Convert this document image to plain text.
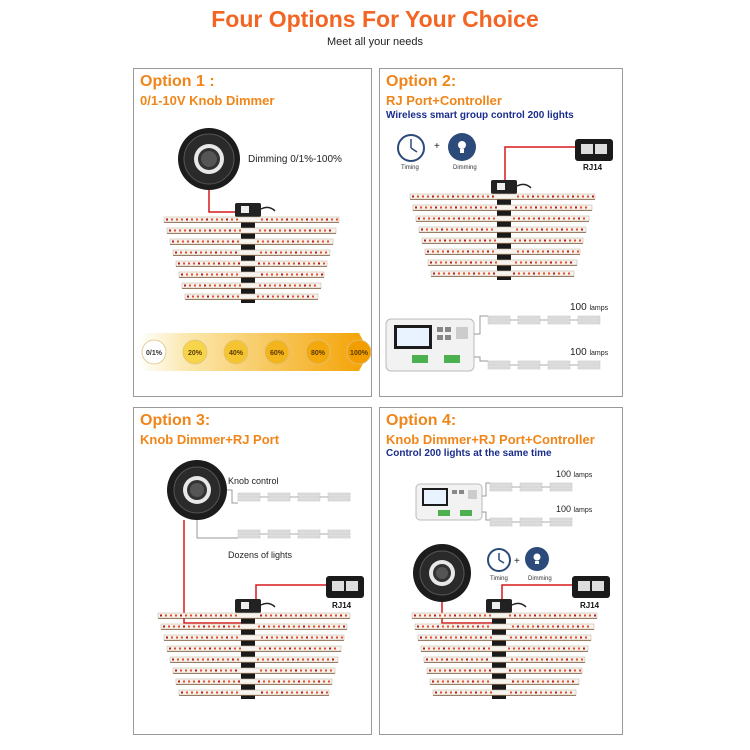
Four Options For Your Choice
Meet all your needs
Option 1 :
0/1-10V Knob Dimmer
Dimming 0/1%-100%
0/1%	20%	40%	60%	80%	100%
Option 2:
RJ Port+Controller
Wireless smart group control 200 lights
Timing	Dimming
+
RJ14
100 lamps
100 lamps
Option 3:
Knob Dimmer+RJ Port
Knob control
Dozens of lights
RJ14
Option 4:
Knob Dimmer+RJ Port+Controller
Control 200 lights at the same time
100 lamps
100 lamps
Timing	Dimming
+
RJ14
